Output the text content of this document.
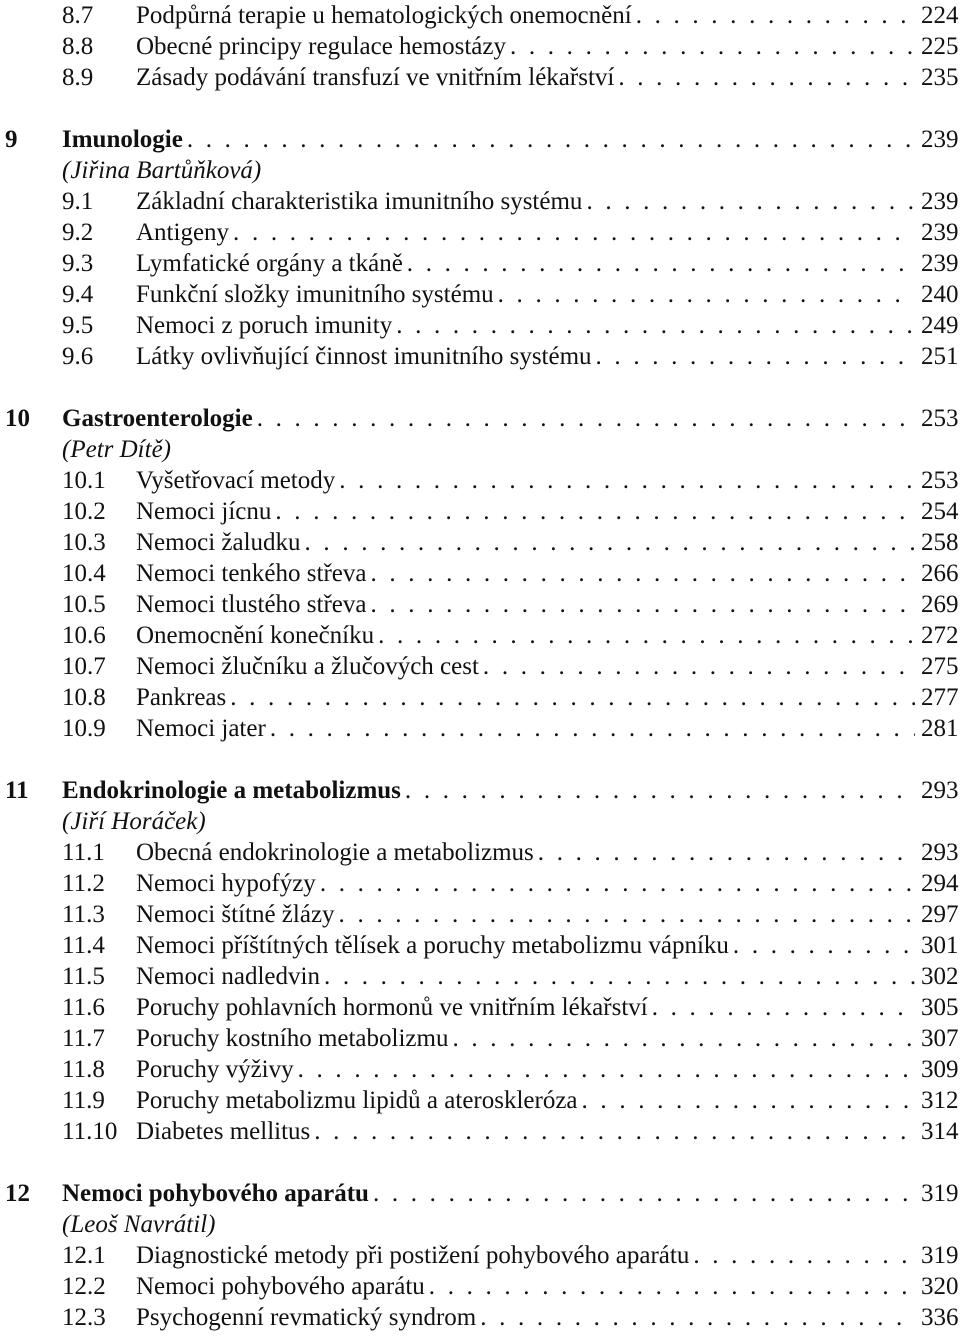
8.7 Podpůrná terapie u hematologických onemocnění . . .	224
8.8 Obecné principy regulace hemostázy . . .	225
8.9 Zásady podávání transfuzí ve vnitřním lékařství . . .	235
9 Imunologie . . .	239
(Jiřina Bartůňková)
9.1 Základní charakteristika imunitního systému . . .	239
9.2 Antigeny . . .	239
9.3 Lymfatické orgány a tkáně . . .	239
9.4 Funkční složky imunitního systému . . .	240
9.5 Nemoci z poruch imunity . . .	249
9.6 Látky ovlivňující činnost imunitního systému . . .	251
10 Gastroenterologie . . .	253
(Petr Dítě)
10.1 Vyšetřovací metody . . .	253
10.2 Nemoci jícnu . . .	254
10.3 Nemoci žaludku . . .	258
10.4 Nemoci tenkého střeva . . .	266
10.5 Nemoci tlustého střeva . . .	269
10.6 Onemocnění konečníku . . .	272
10.7 Nemoci žlučníku a žlučových cest . . .	275
10.8 Pankreas . . .	277
10.9 Nemoci jater . . .	281
11 Endokrinologie a metabolizmus . . .	293
(Jiří Horáček)
11.1 Obecná endokrinologie a metabolizmus . . .	293
11.2 Nemoci hypofýzy . . .	294
11.3 Nemoci štítné žlázy . . .	297
11.4 Nemoci příštítných tělísek a poruchy metabolizmu vápníku . . .	301
11.5 Nemoci nadledvin . . .	302
11.6 Poruchy pohlavních hormonů ve vnitřním lékařství . . .	305
11.7 Poruchy kostního metabolizmu . . .	307
11.8 Poruchy výživy . . .	309
11.9 Poruchy metabolizmu lipidů a ateroskleróza . . .	312
11.10 Diabetes mellitus . . .	314
12 Nemoci pohybového aparátu . . .	319
(Leoš Navrátil)
12.1 Diagnostické metody při postižení pohybového aparátu . . .	319
12.2 Nemoci pohybového aparátu . . .	320
12.3 Psychogenní revmatický syndrom . . .	336
